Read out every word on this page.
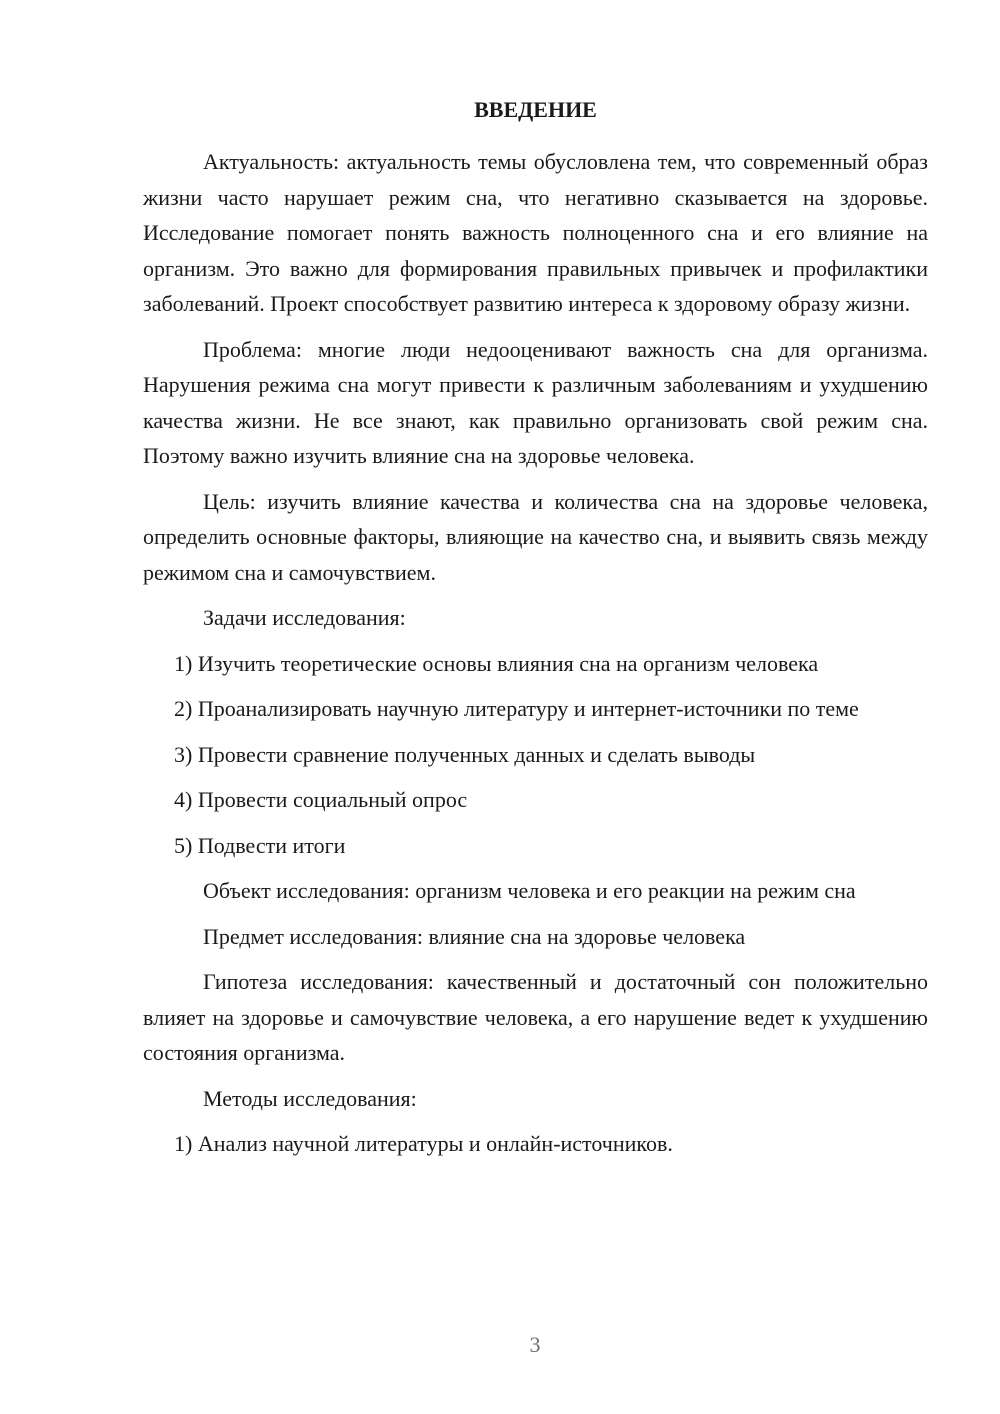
ВВЕДЕНИЕ

Актуальность: актуальность темы обусловлена тем, что современный образ жизни часто нарушает режим сна, что негативно сказывается на здоровье. Исследование помогает понять важность полноценного сна и его влияние на организм. Это важно для формирования правильных привычек и профилактики заболеваний. Проект способствует развитию интереса к здоровому образу жизни.

Проблема: многие люди недооценивают важность сна для организма. Нарушения режима сна могут привести к различным заболеваниям и ухудшению качества жизни. Не все знают, как правильно организовать свой режим сна. Поэтому важно изучить влияние сна на здоровье человека.

Цель: изучить влияние качества и количества сна на здоровье человека, определить основные факторы, влияющие на качество сна, и выявить связь между режимом сна и самочувствием.

Задачи исследования:

1) Изучить теоретические основы влияния сна на организм человека

2) Проанализировать научную литературу и интернет-источники по теме

3) Провести сравнение полученных данных и сделать выводы

4) Провести социальный опрос

5) Подвести итоги

Объект исследования: организм человека и его реакции на режим сна

Предмет исследования: влияние сна на здоровье человека

Гипотеза исследования: качественный и достаточный сон положительно влияет на здоровье и самочувствие человека, а его нарушение ведет к ухудшению состояния организма.

Методы исследования:

1) Анализ научной литературы и онлайн-источников.

3
